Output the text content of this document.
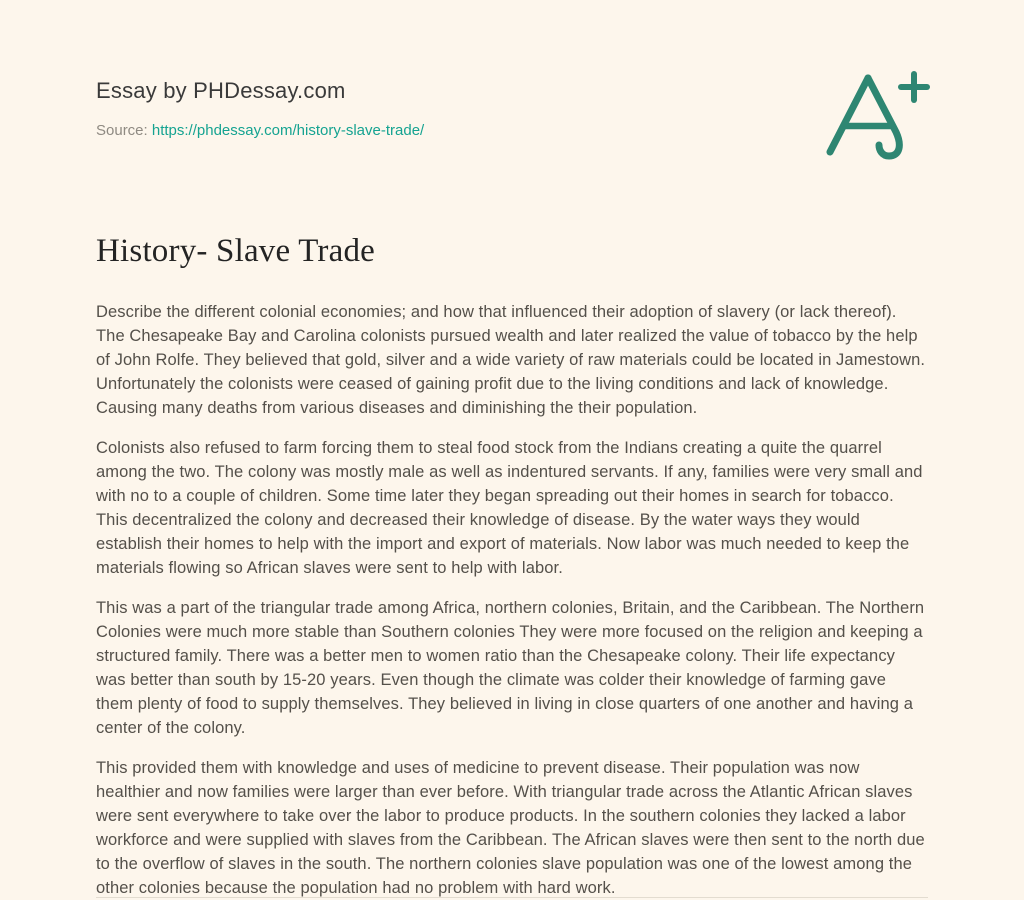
Essay by PHDessay.com
Source: https://phdessay.com/history-slave-trade/
History- Slave Trade

Describe the different colonial economies; and how that influenced their adoption of slavery (or lack thereof). The Chesapeake Bay and Carolina colonists pursued wealth and later realized the value of tobacco by the help of John Rolfe. They believed that gold, silver and a wide variety of raw materials could be located in Jamestown. Unfortunately the colonists were ceased of gaining profit due to the living conditions and lack of knowledge. Causing many deaths from various diseases and diminishing the their population.

Colonists also refused to farm forcing them to steal food stock from the Indians creating a quite the quarrel among the two. The colony was mostly male as well as indentured servants. If any, families were very small and with no to a couple of children. Some time later they began spreading out their homes in search for tobacco. This decentralized the colony and decreased their knowledge of disease. By the water ways they would establish their homes to help with the import and export of materials. Now labor was much needed to keep the materials flowing so African slaves were sent to help with labor.

This was a part of the triangular trade among Africa, northern colonies, Britain, and the Caribbean. The Northern Colonies were much more stable than Southern colonies They were more focused on the religion and keeping a structured family. There was a better men to women ratio than the Chesapeake colony. Their life expectancy was better than south by 15-20 years. Even though the climate was colder their knowledge of farming gave them plenty of food to supply themselves. They believed in living in close quarters of one another and having a center of the colony.

This provided them with knowledge and uses of medicine to prevent disease. Their population was now healthier and now families were larger than ever before. With triangular trade across the Atlantic African slaves were sent everywhere to take over the labor to produce products. In the southern colonies they lacked a labor workforce and were supplied with slaves from the Caribbean. The African slaves were then sent to the north due to the overflow of slaves in the south. The northern colonies slave population was one of the lowest among the other colonies because the population had no problem with hard work.
